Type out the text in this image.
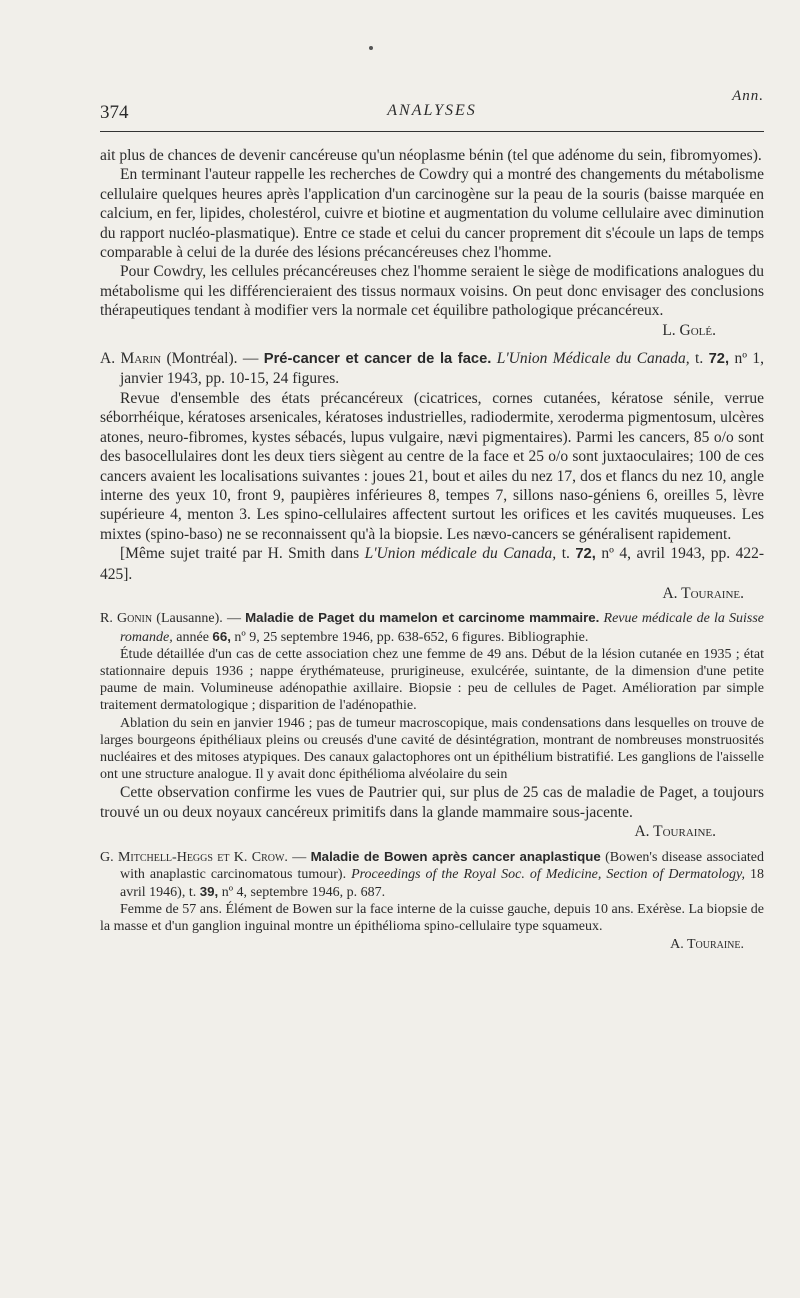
Ann.
374	ANALYSES

ait plus de chances de devenir cancéreuse qu'un néoplasme bénin (tel que adénome du sein, fibromyomes).

En terminant l'auteur rappelle les recherches de Cowdry qui a montré des changements du métabolisme cellulaire quelques heures après l'application d'un carcinogène sur la peau de la souris (baisse marquée en calcium, en fer, lipides, cholestérol, cuivre et biotine et augmentation du volume cellulaire avec diminution du rapport nucléo-plasmatique). Entre ce stade et celui du cancer proprement dit s'écoule un laps de temps comparable à celui de la durée des lésions précancéreuses chez l'homme.

Pour Cowdry, les cellules précancéreuses chez l'homme seraient le siège de modifications analogues du métabolisme qui les différencieraient des tissus normaux voisins. On peut donc envisager des conclusions thérapeutiques tendant à modifier vers la normale cet équilibre pathologique précancéreux.

L. Golé.

A. Marin (Montréal). — Pré-cancer et cancer de la face. L'Union Médicale du Canada, t. 72, nº 1, janvier 1943, pp. 10-15, 24 figures.

Revue d'ensemble des états précancéreux (cicatrices, cornes cutanées, kératose sénile, verrue séborrhéique, kératoses arsenicales, kératoses industrielles, radiodermite, xeroderma pigmentosum, ulcères atones, neuro-fibromes, kystes sébacés, lupus vulgaire, nævi pigmentaires). Parmi les cancers, 85 o/o sont des basocellulaires dont les deux tiers siègent au centre de la face et 25 o/o sont juxtaoculaires; 100 de ces cancers avaient les localisations suivantes : joues 21, bout et ailes du nez 17, dos et flancs du nez 10, angle interne des yeux 10, front 9, paupières inférieures 8, tempes 7, sillons naso-géniens 6, oreilles 5, lèvre supérieure 4, menton 3. Les spino-cellulaires affectent surtout les orifices et les cavités muqueuses. Les mixtes (spino-baso) ne se reconnaissent qu'à la biopsie. Les nævo-cancers se généralisent rapidement.

[Même sujet traité par H. Smith dans L'Union médicale du Canada, t. 72, nº 4, avril 1943, pp. 422-425].

A. Touraine.

R. Gonin (Lausanne). — Maladie de Paget du mamelon et carcinome mammaire. Revue médicale de la Suisse romande, année 66, nº 9, 25 septembre 1946, pp. 638-652, 6 figures. Bibliographie.

Étude détaillée d'un cas de cette association chez une femme de 49 ans. Début de la lésion cutanée en 1935 ; état stationnaire depuis 1936 ; nappe érythémateuse, prurigineuse, exulcérée, suintante, de la dimension d'une petite paume de main. Volumineuse adénopathie axillaire. Biopsie : peu de cellules de Paget. Amélioration par simple traitement dermatologique ; disparition de l'adénopathie.

Ablation du sein en janvier 1946 ; pas de tumeur macroscopique, mais condensations dans lesquelles on trouve de larges bourgeons épithéliaux pleins ou creusés d'une cavité de désintégration, montrant de nombreuses monstruosités nucléaires et des mitoses atypiques. Des canaux galactophores ont un épithélium bistratifié. Les ganglions de l'aisselle ont une structure analogue. Il y avait donc épithélioma alvéolaire du sein

Cette observation confirme les vues de Pautrier qui, sur plus de 25 cas de maladie de Paget, a toujours trouvé un ou deux noyaux cancéreux primitifs dans la glande mammaire sous-jacente.

A. Touraine.

G. Mitchell-Heggs et K. Crow. — Maladie de Bowen après cancer anaplastique (Bowen's disease associated with anaplastic carcinomatous tumour). Proceedings of the Royal Soc. of Medicine, Section of Dermatology, 18 avril 1946), t. 39, nº 4, septembre 1946, p. 687.

Femme de 57 ans. Élément de Bowen sur la face interne de la cuisse gauche, depuis 10 ans. Exérèse. La biopsie de la masse et d'un ganglion inguinal montre un épithélioma spino-cellulaire type squameux.

A. Touraine.
